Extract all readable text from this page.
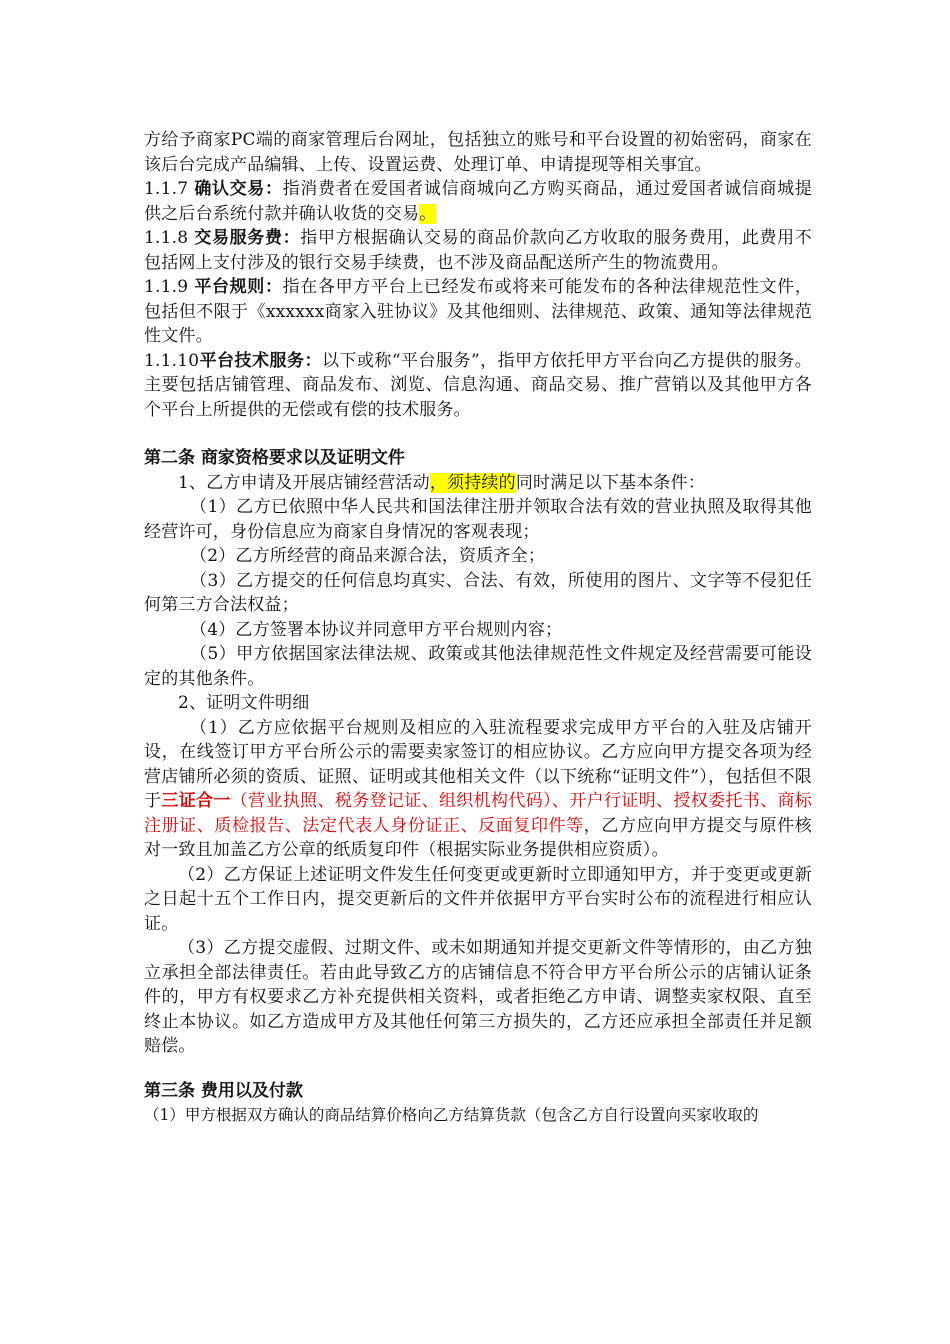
方给予商家PC端的商家管理后台网址，包括独立的账号和平台设置的初始密码，商家在该后台完成产品编辑、上传、设置运费、处理订单、申请提现等相关事宜。

1.1.7 确认交易：指消费者在爱国者诚信商城向乙方购买商品，通过爱国者诚信商城提供之后台系统付款并确认收货的交易。

1.1.8 交易服务费：指甲方根据确认交易的商品价款向乙方收取的服务费用，此费用不包括网上支付涉及的银行交易手续费，也不涉及商品配送所产生的物流费用。

1.1.9 平台规则：指在各甲方平台上已经发布或将来可能发布的各种法律规范性文件，包括但不限于《xxxxxx商家入驻协议》及其他细则、法律规范、政策、通知等法律规范性文件。

1.1.10平台技术服务：以下或称“平台服务”，指甲方依托甲方平台向乙方提供的服务。主要包括店铺管理、商品发布、浏览、信息沟通、商品交易、推广营销以及其他甲方各个平台上所提供的无偿或有偿的技术服务。

第二条 商家资格要求以及证明文件

1、乙方申请及开展店铺经营活动，须持续的同时满足以下基本条件：

（1）乙方已依照中华人民共和国法律注册并领取合法有效的营业执照及取得其他经营许可，身份信息应为商家自身情况的客观表现；

（2）乙方所经营的商品来源合法，资质齐全；

（3）乙方提交的任何信息均真实、合法、有效，所使用的图片、文字等不侵犯任何第三方合法权益；

（4）乙方签署本协议并同意甲方平台规则内容；

（5）甲方依据国家法律法规、政策或其他法律规范性文件规定及经营需要可能设定的其他条件。

2、证明文件明细

（1）乙方应依据平台规则及相应的入驻流程要求完成甲方平台的入驻及店铺开设，在线签订甲方平台所公示的需要卖家签订的相应协议。乙方应向甲方提交各项为经营店铺所必须的资质、证照、证明或其他相关文件（以下统称“证明文件”），包括但不限于三证合一（营业执照、税务登记证、组织机构代码）、开户行证明、授权委托书、商标注册证、质检报告、法定代表人身份证正、反面复印件等，乙方应向甲方提交与原件核对一致且加盖乙方公章的纸质复印件（根据实际业务提供相应资质）。

（2）乙方保证上述证明文件发生任何变更或更新时立即通知甲方，并于变更或更新之日起十五个工作日内，提交更新后的文件并依据甲方平台实时公布的流程进行相应认证。

（3）乙方提交虚假、过期文件、或未如期通知并提交更新文件等情形的，由乙方独立承担全部法律责任。若由此导致乙方的店铺信息不符合甲方平台所公示的店铺认证条件的，甲方有权要求乙方补充提供相关资料，或者拒绝乙方申请、调整卖家权限、直至终止本协议。如乙方造成甲方及其他任何第三方损失的，乙方还应承担全部责任并足额赔偿。

第三条 费用以及付款

（1）甲方根据双方确认的商品结算价格向乙方结算货款（包含乙方自行设置向买家收取的
